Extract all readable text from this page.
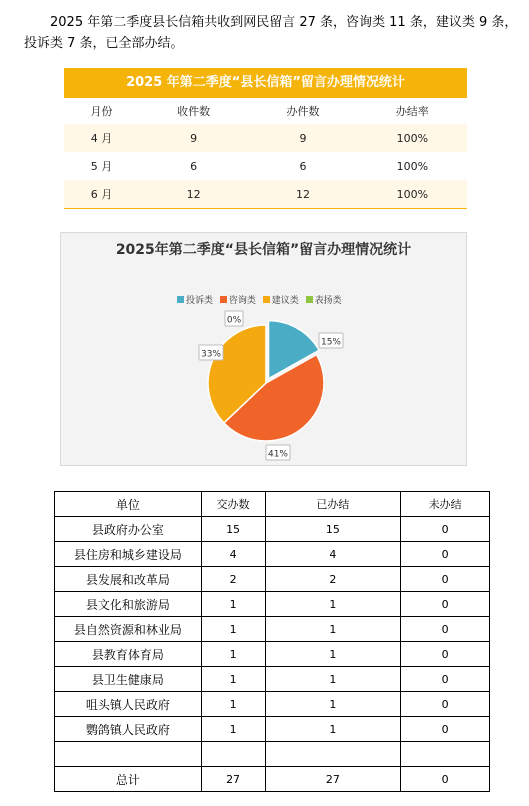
2025 年第二季度县长信箱共收到网民留言 27 条，咨询类 11 条，建议类 9 条，投诉类 7 条，已全部办结。
2025 年第二季度“县长信箱”留言办理情况统计
月份	收件数	办件数	办结率
4 月	9	9	100%
5 月	6	6	100%
6 月	12	12	100%
2025年第二季度“县长信箱”留言办理情况统计
投诉类 咨询类 建议类 表扬类
15%
41%
33%
0%
单位	交办数	已办结	未办结
县政府办公室	15	15	0
县住房和城乡建设局	4	4	0
县发展和改革局	2	2	0
县文化和旅游局	1	1	0
县自然资源和林业局	1	1	0
县教育体育局	1	1	0
县卫生健康局	1	1	0
咀头镇人民政府	1	1	0
鹦鸽镇人民政府	1	1	0

总计	27	27	0
